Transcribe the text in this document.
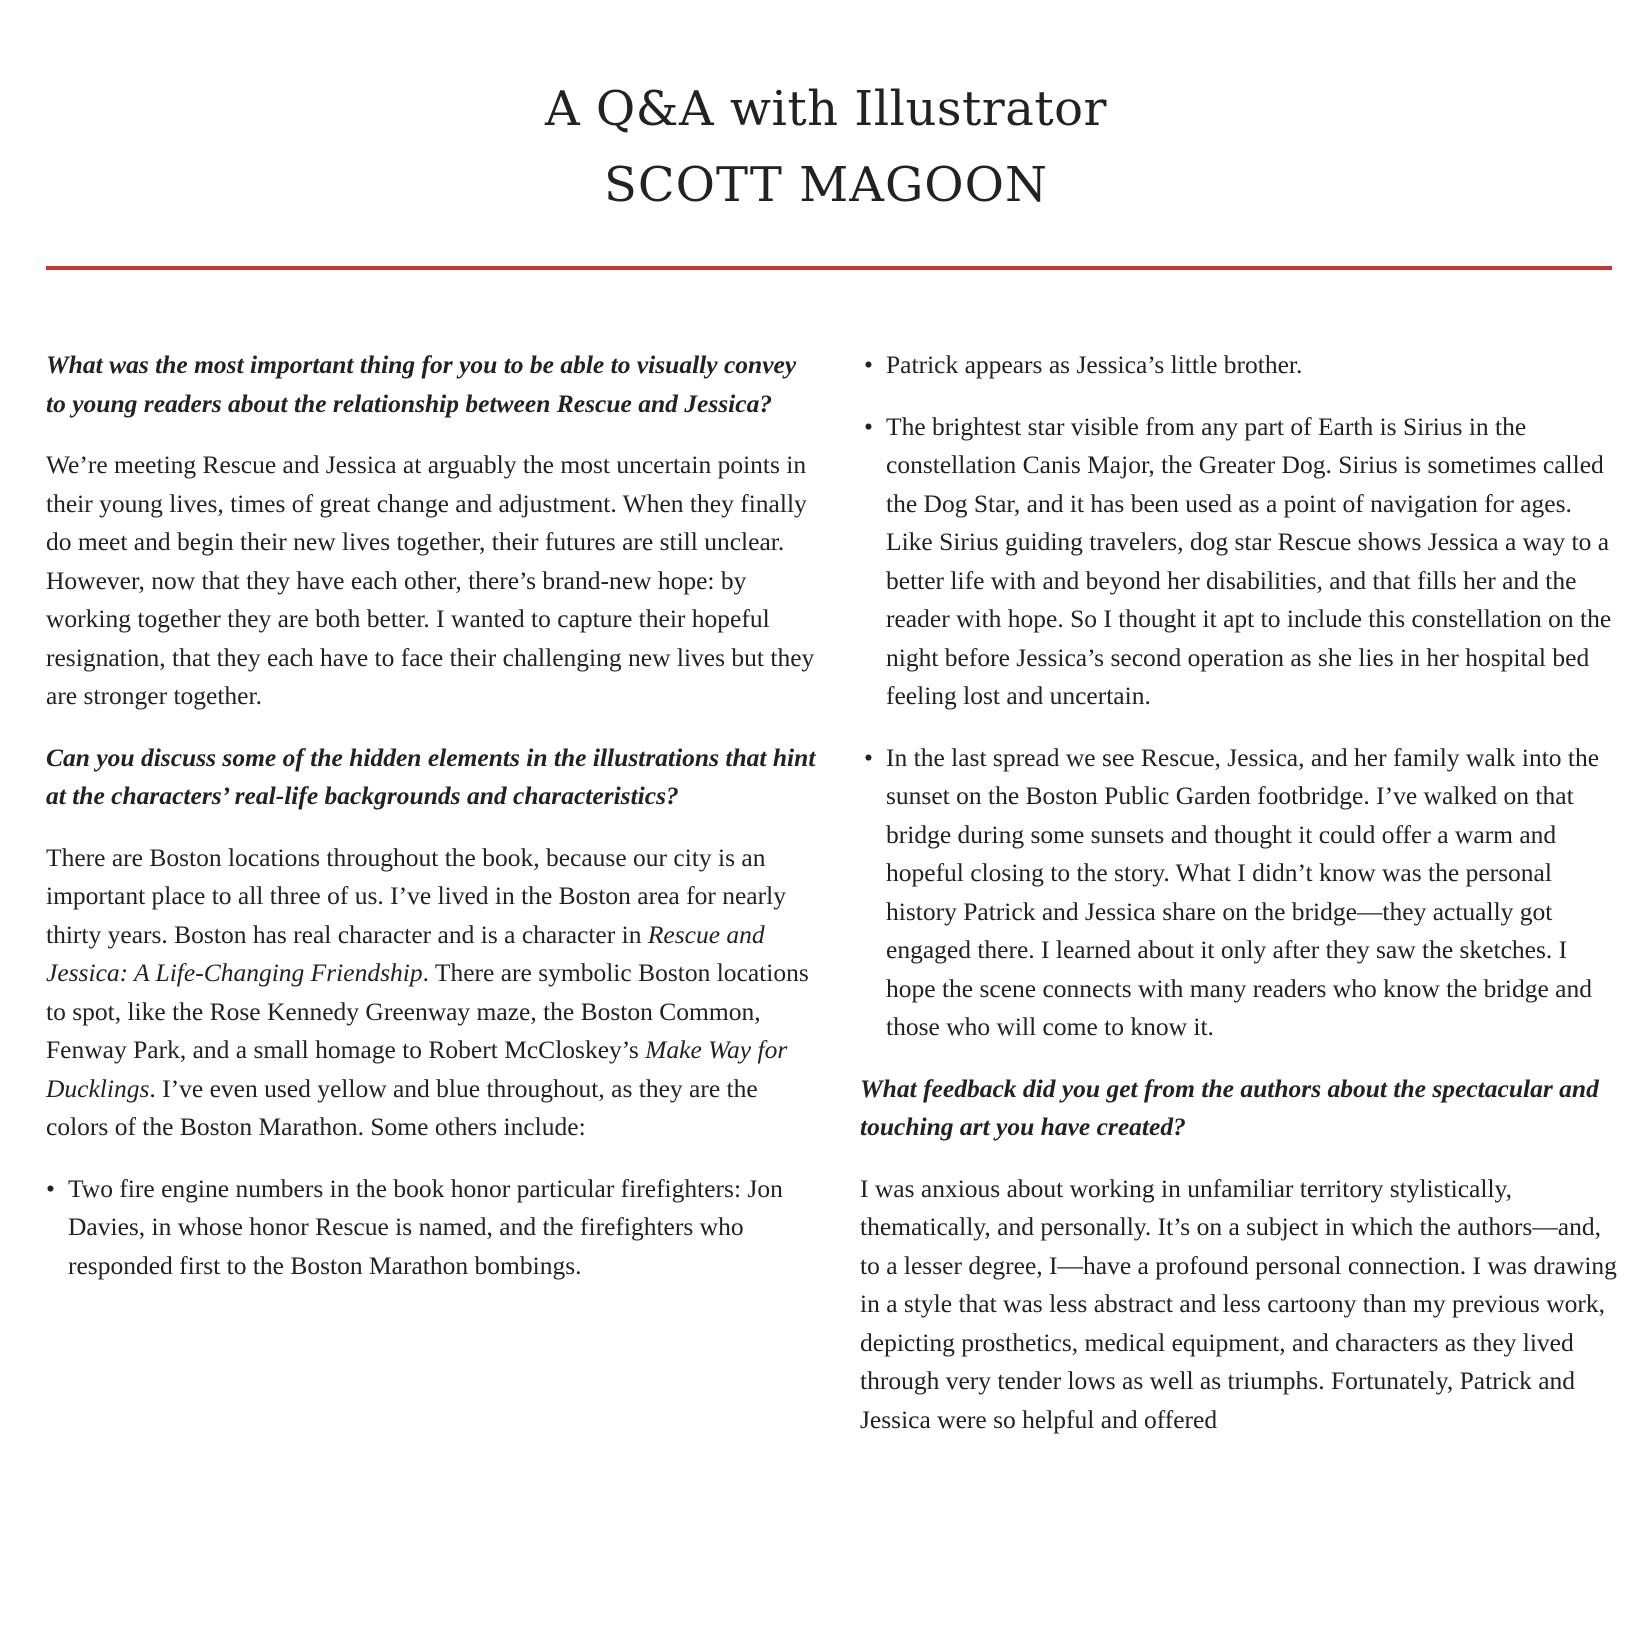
A Q&A with Illustrator
SCOTT MAGOON

What was the most important thing for you to be able to visually convey to young readers about the relationship between Rescue and Jessica?

We’re meeting Rescue and Jessica at arguably the most uncertain points in their young lives, times of great change and adjustment. When they finally do meet and begin their new lives together, their futures are still unclear. However, now that they have each other, there’s brand-new hope: by working together they are both better. I wanted to capture their hopeful resignation, that they each have to face their challenging new lives but they are stronger together.

Can you discuss some of the hidden elements in the illustrations that hint at the characters’ real-life backgrounds and characteristics?

There are Boston locations throughout the book, because our city is an important place to all three of us. I’ve lived in the Boston area for nearly thirty years. Boston has real character and is a character in Rescue and Jessica: A Life-Changing Friendship. There are symbolic Boston locations to spot, like the Rose Kennedy Greenway maze, the Boston Common, Fenway Park, and a small homage to Robert McCloskey’s Make Way for Ducklings. I’ve even used yellow and blue throughout, as they are the colors of the Boston Marathon. Some others include:

• Two fire engine numbers in the book honor particular firefighters: Jon Davies, in whose honor Rescue is named, and the firefighters who responded first to the Boston Marathon bombings.
• Patrick appears as Jessica’s little brother.
• The brightest star visible from any part of Earth is Sirius in the constellation Canis Major, the Greater Dog. Sirius is sometimes called the Dog Star, and it has been used as a point of navigation for ages. Like Sirius guiding travelers, dog star Rescue shows Jessica a way to a better life with and beyond her disabilities, and that fills her and the reader with hope. So I thought it apt to include this constellation on the night before Jessica’s second operation as she lies in her hospital bed feeling lost and uncertain.
• In the last spread we see Rescue, Jessica, and her family walk into the sunset on the Boston Public Garden footbridge. I’ve walked on that bridge during some sunsets and thought it could offer a warm and hopeful closing to the story. What I didn’t know was the personal history Patrick and Jessica share on the bridge—they actually got engaged there. I learned about it only after they saw the sketches. I hope the scene connects with many readers who know the bridge and those who will come to know it.

What feedback did you get from the authors about the spectacular and touching art you have created?

I was anxious about working in unfamiliar territory stylistically, thematically, and personally. It’s on a subject in which the authors—and, to a lesser degree, I—have a profound personal connection. I was drawing in a style that was less abstract and less cartoony than my previous work, depicting prosthetics, medical equipment, and characters as they lived through very tender lows as well as triumphs. Fortunately, Patrick and Jessica were so helpful and offered
